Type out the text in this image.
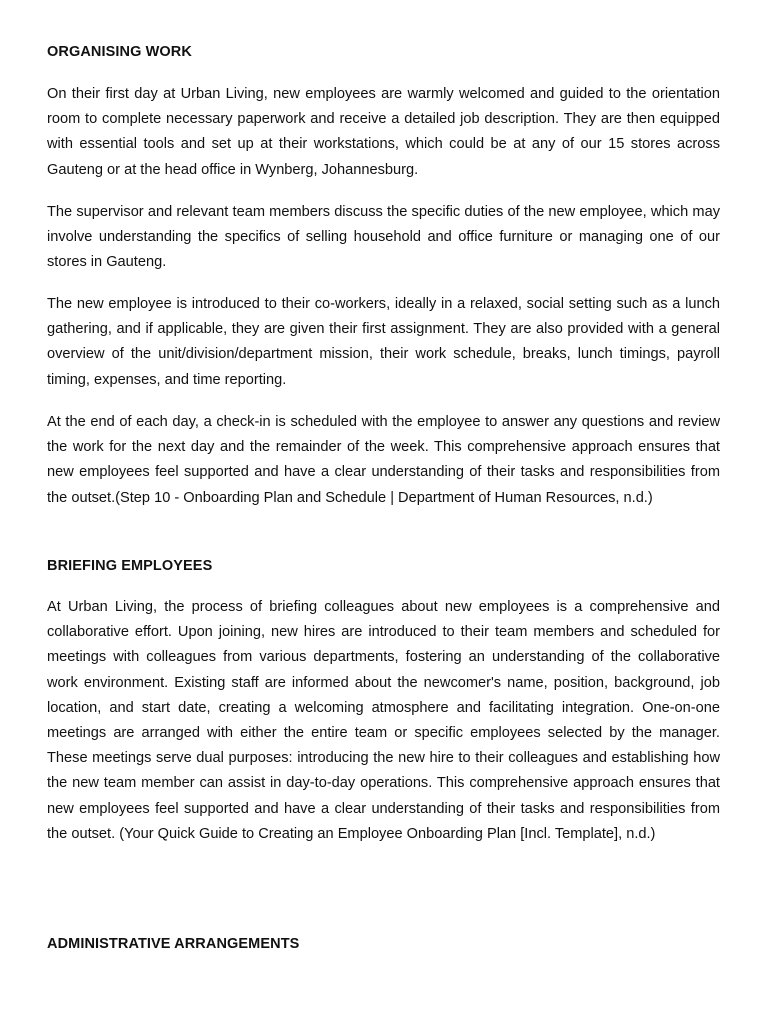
ORGANISING WORK

On their first day at Urban Living, new employees are warmly welcomed and guided to the orientation room to complete necessary paperwork and receive a detailed job description. They are then equipped with essential tools and set up at their workstations, which could be at any of our 15 stores across Gauteng or at the head office in Wynberg, Johannesburg.

The supervisor and relevant team members discuss the specific duties of the new employee, which may involve understanding the specifics of selling household and office furniture or managing one of our stores in Gauteng.

The new employee is introduced to their co-workers, ideally in a relaxed, social setting such as a lunch gathering, and if applicable, they are given their first assignment. They are also provided with a general overview of the unit/division/department mission, their work schedule, breaks, lunch timings, payroll timing, expenses, and time reporting.

At the end of each day, a check-in is scheduled with the employee to answer any questions and review the work for the next day and the remainder of the week. This comprehensive approach ensures that new employees feel supported and have a clear understanding of their tasks and responsibilities from the outset.(Step 10 - Onboarding Plan and Schedule | Department of Human Resources, n.d.)

BRIEFING EMPLOYEES

At Urban Living, the process of briefing colleagues about new employees is a comprehensive and collaborative effort. Upon joining, new hires are introduced to their team members and scheduled for meetings with colleagues from various departments, fostering an understanding of the collaborative work environment. Existing staff are informed about the newcomer's name, position, background, job location, and start date, creating a welcoming atmosphere and facilitating integration. One-on-one meetings are arranged with either the entire team or specific employees selected by the manager. These meetings serve dual purposes: introducing the new hire to their colleagues and establishing how the new team member can assist in day-to-day operations. This comprehensive approach ensures that new employees feel supported and have a clear understanding of their tasks and responsibilities from the outset. (Your Quick Guide to Creating an Employee Onboarding Plan [Incl. Template], n.d.)

ADMINISTRATIVE ARRANGEMENTS
